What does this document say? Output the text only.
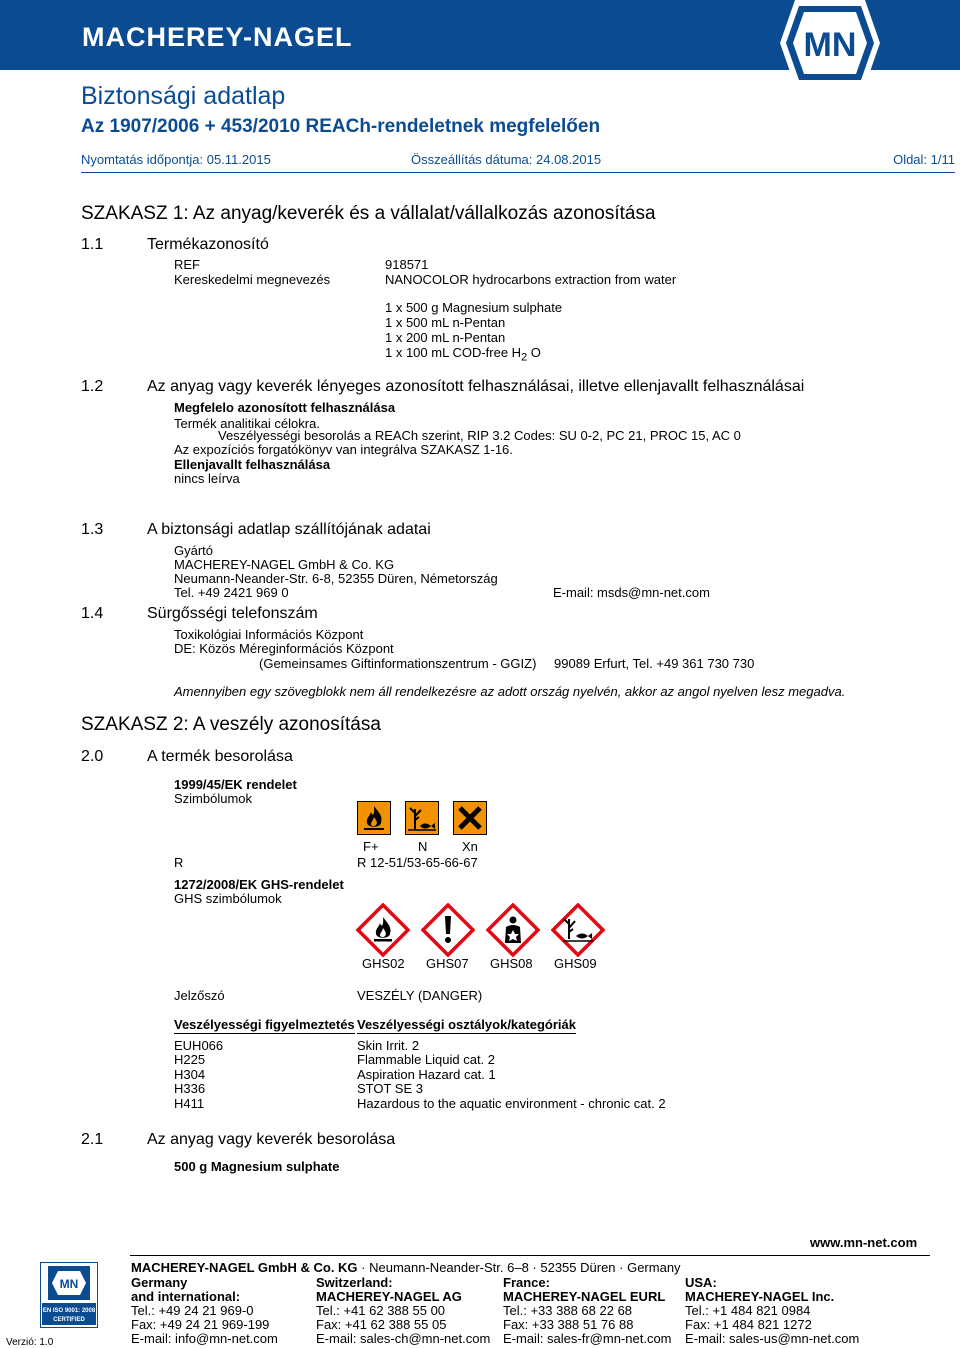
MACHEREY-NAGEL	MN
Biztonsági adatlap
Az 1907/2006 + 453/2010 REACh-rendeletnek megfelelően
Nyomtatás időpontja: 05.11.2015	Összeállítás dátuma: 24.08.2015	Oldal: 1/11
SZAKASZ 1: Az anyag/keverék és a vállalat/vállalkozás azonosítása
1.1	Termékazonosító
REF	918571
Kereskedelmi megnevezés	NANOCOLOR hydrocarbons extraction from water
1 x 500 g Magnesium sulphate
1 x 500 mL n-Pentan
1 x 200 mL n-Pentan
1 x 100 mL COD-free $H_2$ O
1.2	Az anyag vagy keverék lényeges azonosított felhasználásai, illetve ellenjavallt felhasználásai
Megfelelo azonosított felhasználása
Termék analitikai célokra.
Veszélyességi besorolás a REACh szerint, RIP 3.2 Codes: SU 0-2, PC 21, PROC 15, AC 0
Az expozíciós forgatókönyv van integrálva SZAKASZ 1-16.
Ellenjavallt felhasználása
nincs leírva
1.3	A biztonsági adatlap szállítójának adatai
Gyártó
MACHEREY-NAGEL GmbH & Co. KG
Neumann-Neander-Str. 6-8, 52355 Düren, Németország
Tel. +49 2421 969 0	E-mail: msds@mn-net.com
1.4	Sürgősségi telefonszám
Toxikológiai Információs Központ
DE: Közös Méreginformációs Központ
(Gemeinsames Giftinformationszentrum - GGIZ) 99089 Erfurt, Tel. +49 361 730 730
Amennyiben egy szövegblokk nem áll rendelkezésre az adott ország nyelvén, akkor az angol nyelven lesz megadva.
SZAKASZ 2: A veszély azonosítása
2.0	A termék besorolása
1999/45/EK rendelet
Szimbólumok
F+	N	Xn
R	R 12-51/53-65-66-67
1272/2008/EK GHS-rendelet
GHS szimbólumok
GHS02 GHS07 GHS08 GHS09
Jelzőszó	VESZÉLY (DANGER)
Veszélyességi figyelmeztetés Veszélyességi osztályok/kategóriák
EUH066	Skin Irrit. 2
H225	Flammable Liquid cat. 2
H304	Aspiration Hazard cat. 1
H336	STOT SE 3
H411	Hazardous to the aquatic environment - chronic cat. 2
2.1	Az anyag vagy keverék besorolása
500 g Magnesium sulphate
www.mn-net.com
MN
EN ISO 9001: 2008
CERTIFIED
Verzió: 1.0
MACHEREY-NAGEL GmbH & Co. KG · Neumann-Neander-Str. 6–8 · 52355 Düren · Germany
Germany
and international:
Tel.: +49 24 21 969-0
Fax: +49 24 21 969-199
E-mail: info@mn-net.com
Switzerland:
MACHEREY-NAGEL AG
Tel.: +41 62 388 55 00
Fax: +41 62 388 55 05
E-mail: sales-ch@mn-net.com
France:
MACHEREY-NAGEL EURL
Tel.: +33 388 68 22 68
Fax: +33 388 51 76 88
E-mail: sales-fr@mn-net.com
USA:
MACHEREY-NAGEL Inc.
Tel.: +1 484 821 0984
Fax: +1 484 821 1272
E-mail: sales-us@mn-net.com
